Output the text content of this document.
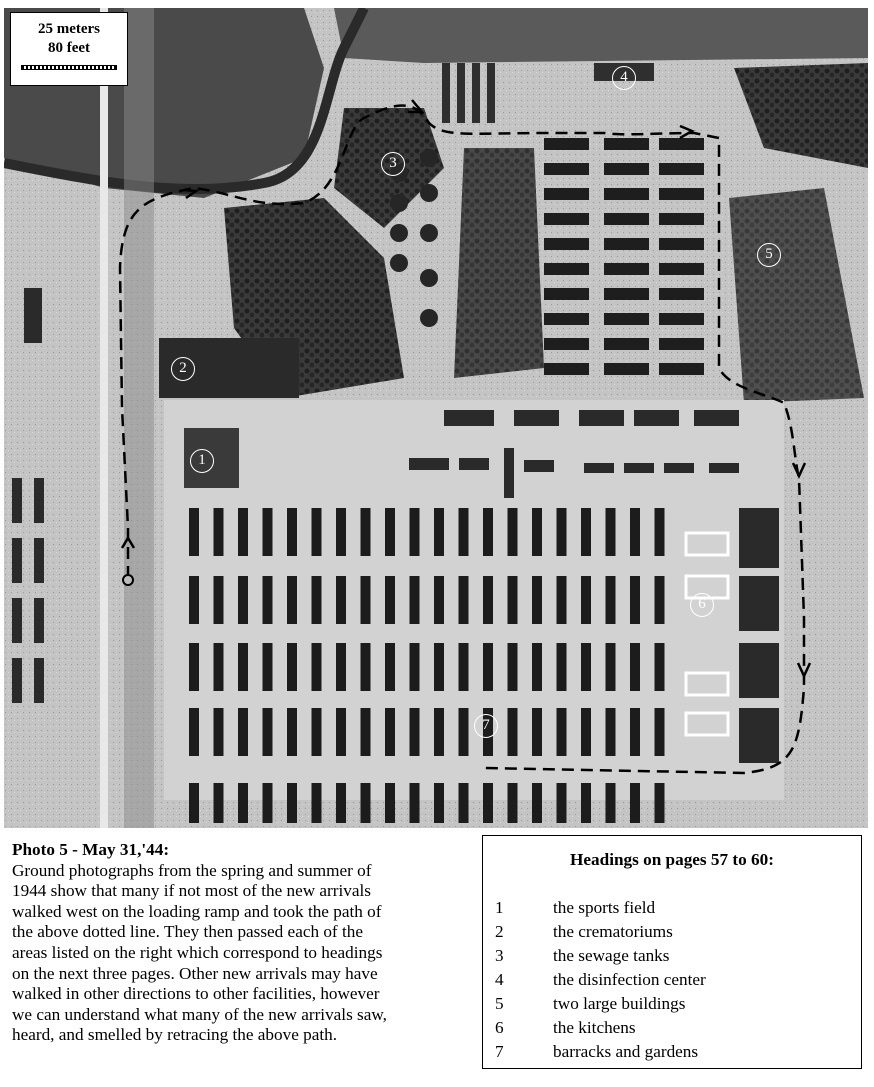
25 meters
80 feet
1
2
3
4
5
6
7
Photo 5 - May 31,'44:
Ground photographs from the spring and summer of
1944 show that many if not most of the new arrivals
walked west on the loading ramp and took the path of
the above dotted line. They then passed each of the
areas listed on the right which correspond to headings
on the next three pages. Other new arrivals may have
walked in other directions to other facilities, however
we can understand what many of the new arrivals saw,
heard, and smelled by retracing the above path.
Headings on pages 57 to 60:
1	the sports field
2	the crematoriums
3	the sewage tanks
4	the disinfection center
5	two large buildings
6	the kitchens
7	barracks and gardens
